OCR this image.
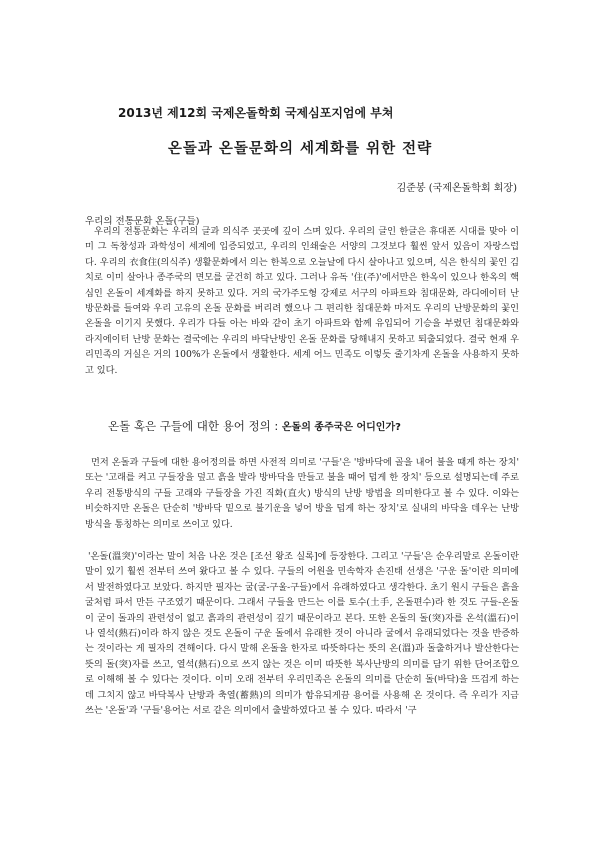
2013년 제12회 국제온돌학회 국제심포지엄에 부쳐
온돌과 온돌문화의 세계화를 위한 전략
김준봉 (국제온돌학회 회장)
우리의 전통문화 온돌(구들)

우리의 전통문화는 우리의 글과 의식주 곳곳에 깊이 스며 있다. 우리의 글인 한글은 휴대폰 시대를 맞아 이미 그 독창성과 과학성이 세계에 입증되었고, 우리의 인쇄술은 서양의 그것보다 훨씬 앞서 있음이 자랑스럽다. 우리의 衣食住(의식주) 생활문화에서 의는 한복으로 오늘날에 다시 살아나고 있으며, 식은 한식의 꽃인 김치로 이미 살아나 종주국의 면모를 굳건히 하고 있다. 그러나 유독 '住(주)'에서만은 한옥이 있으나 한옥의 핵심인 온돌이 세계화를 하지 못하고 있다. 거의 국가주도형 강제로 서구의 아파트와 침대문화, 라디에이터 난방문화를 들여와 우리 고유의 온돌 문화를 버리려 했으나 그 편리한 침대문화 마저도 우리의 난방문화의 꽃인 온돌을 이기지 못했다. 우리가 다들 아는 바와 같이 초기 아파트와 함께 유입되어 기승을 부렸던 침대문화와 라지에이터 난방 문화는 결국에는 우리의 바닥난방인 온돌 문화를 당해내지 못하고 퇴출되었다. 결국 현재 우리민족의 거실은 거의 100%가 온돌에서 생활한다. 세계 어느 민족도 이렇듯 줄기차게 온돌을 사용하지 못하고 있다.

온돌 혹은 구들에 대한 용어 정의 : 온돌의 종주국은 어디인가?

먼저 온돌과 구들에 대한 용어정의를 하면 사전적 의미로 '구들'은 '방바닥에 골을 내어 불을 때게 하는 장치' 또는 '고래를 켜고 구들장을 덮고 흙을 발라 방바닥을 만들고 불을 때어 덥게 한 장치' 등으로 설명되는데 주로 우리 전통방식의 구들 고래와 구들장을 가진 직화(直火) 방식의 난방 방법을 의미한다고 볼 수 있다. 이와는 비슷하지만 온돌은 단순히 '방바닥 밑으로 불기운을 넣어 방을 덥게 하는 장치'로 실내의 바닥을 데우는 난방방식을 통칭하는 의미로 쓰이고 있다.

'온돌(溫突)'이라는 말이 처음 나온 것은 [조선 왕조 실록]에 등장한다. 그리고 '구들'은 순우리말로 온돌이란 말이 있기 훨씬 전부터 쓰여 왔다고 볼 수 있다. 구들의 어원을 민속학자 손진태 선생은 '구운 돌'이란 의미에서 발전하였다고 보았다. 하지만 필자는 굴(굴-구울-구들)에서 유래하였다고 생각한다. 초기 원시 구들은 흙을 굴처럼 파서 만든 구조였기 때문이다. 그래서 구들을 만드는 이를 토수(土手, 온돌편수)라 한 것도 구들-온돌이 굳이 돌과의 관련성이 없고 흙과의 관련성이 깊기 때문이라고 본다. 또한 온돌의 돌(突)자를 온석(溫石)이나 열석(熱石)이라 하지 않은 것도 온돌이 구운 돌에서 유래한 것이 아니라 굴에서 유래되었다는 것을 반증하는 것이라는 게 필자의 견해이다. 다시 말해 온돌을 한자로 따뜻하다는 뜻의 온(溫)과 돌출하거나 발산한다는 뜻의 돌(突)자를 쓰고, 열석(熱石)으로 쓰지 않는 것은 이미 따뜻한 복사난방의 의미를 담기 위한 단어조합으로 이해해 볼 수 있다는 것이다. 이미 오래 전부터 우리민족은 온돌의 의미를 단순히 돌(바닥)을 뜨겁게 하는 데 그치지 않고 바닥복사 난방과 축열(蓄熱)의 의미가 함유되게끔 용어를 사용해 온 것이다. 즉 우리가 지금 쓰는 '온돌'과 '구들'용어는 서로 같은 의미에서 출발하였다고 볼 수 있다. 따라서 '구
